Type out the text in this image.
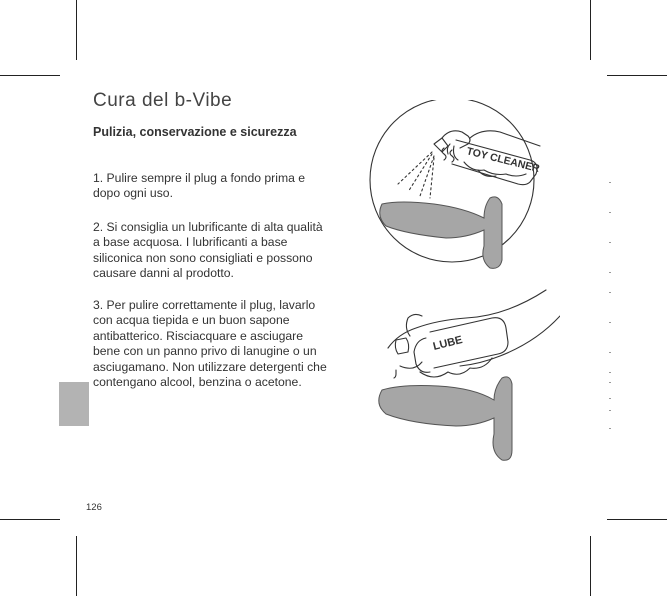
Cura del b-Vibe
Pulizia, conservazione e sicurezza
1. Pulire sempre il plug a fondo prima e dopo ogni uso.
2. Si consiglia un lubrificante di alta qualità a base acquosa. I lubrificanti a base siliconica non sono consigliati e possono causare danni al prodotto.
3. Per pulire correttamente il plug, lavarlo con acqua tiepida e un buon sapone antibatterico. Risciacquare e asciugare bene con un panno privo di lanugine o un asciugamano. Non utilizzare detergenti che contengano alcool, benzina o acetone.
126
TOY CLEANER
LUBE
